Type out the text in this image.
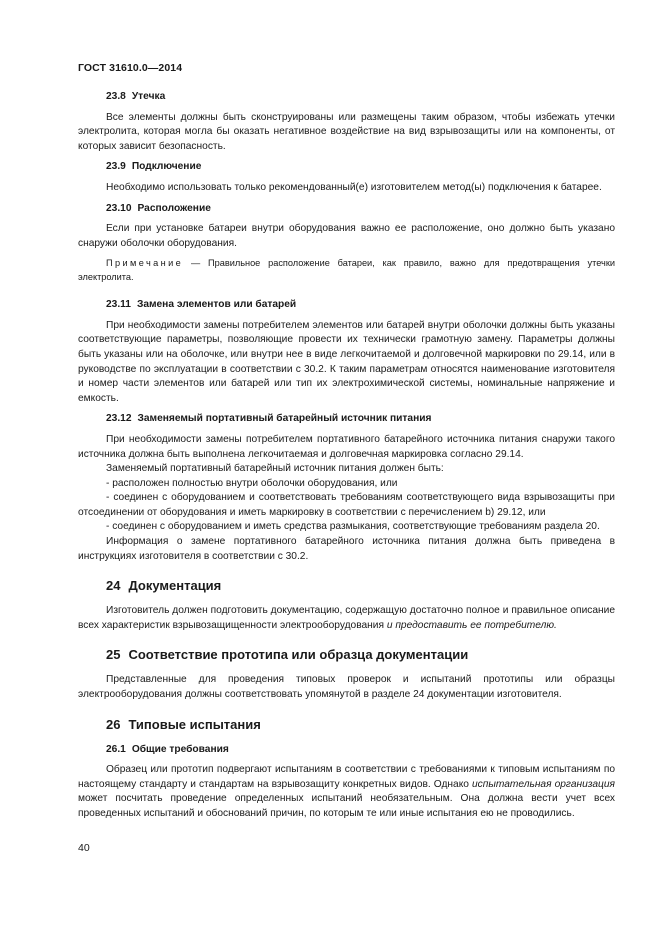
ГОСТ 31610.0—2014
23.8 Утечка

Все элементы должны быть сконструированы или размещены таким образом, чтобы избежать утечки электролита, которая могла бы оказать негативное воздействие на вид взрывозащиты или на компоненты, от которых зависит безопасность.

23.9 Подключение

Необходимо использовать только рекомендованный(е) изготовителем метод(ы) подключения к батарее.

23.10 Расположение

Если при установке батареи внутри оборудования важно ее расположение, оно должно быть указано снаружи оболочки оборудования.

Примечание — Правильное расположение батареи, как правило, важно для предотвращения утечки электролита.
23.11 Замена элементов или батарей

При необходимости замены потребителем элементов или батарей внутри оболочки должны быть указаны соответствующие параметры, позволяющие провести их технически грамотную замену. Параметры должны быть указаны или на оболочке, или внутри нее в виде легкочитаемой и долговечной маркировки по 29.14, или в руководстве по эксплуатации в соответствии с 30.2. К таким параметрам относятся наименование изготовителя и номер части элементов или батарей или тип их электрохимической системы, номинальные напряжение и емкость.

23.12 Заменяемый портативный батарейный источник питания

При необходимости замены потребителем портативного батарейного источника питания снаружи такого источника должна быть выполнена легкочитаемая и долговечная маркировка согласно 29.14.

Заменяемый портативный батарейный источник питания должен быть:

- расположен полностью внутри оболочки оборудования, или

- соединен с оборудованием и соответствовать требованиям соответствующего вида взрывозащиты при отсоединении от оборудования и иметь маркировку в соответствии с перечислением b) 29.12, или

- соединен с оборудованием и иметь средства размыкания, соответствующие требованиям раздела 20.

Информация о замене портативного батарейного источника питания должна быть приведена в инструкциях изготовителя в соответствии с 30.2.

24 Документация

Изготовитель должен подготовить документацию, содержащую достаточно полное и правильное описание всех характеристик взрывозащищенности электрооборудования и предоставить ее потребителю.

25 Соответствие прототипа или образца документации

Представленные для проведения типовых проверок и испытаний прототипы или образцы электрооборудования должны соответствовать упомянутой в разделе 24 документации изготовителя.

26 Типовые испытания
26.1 Общие требования

Образец или прототип подвергают испытаниям в соответствии с требованиями к типовым испытаниям по настоящему стандарту и стандартам на взрывозащиту конкретных видов. Однако испытательная организация может посчитать проведение определенных испытаний необязательным. Она должна вести учет всех проведенных испытаний и обоснований причин, по которым те или иные испытания ею не проводились.

40
